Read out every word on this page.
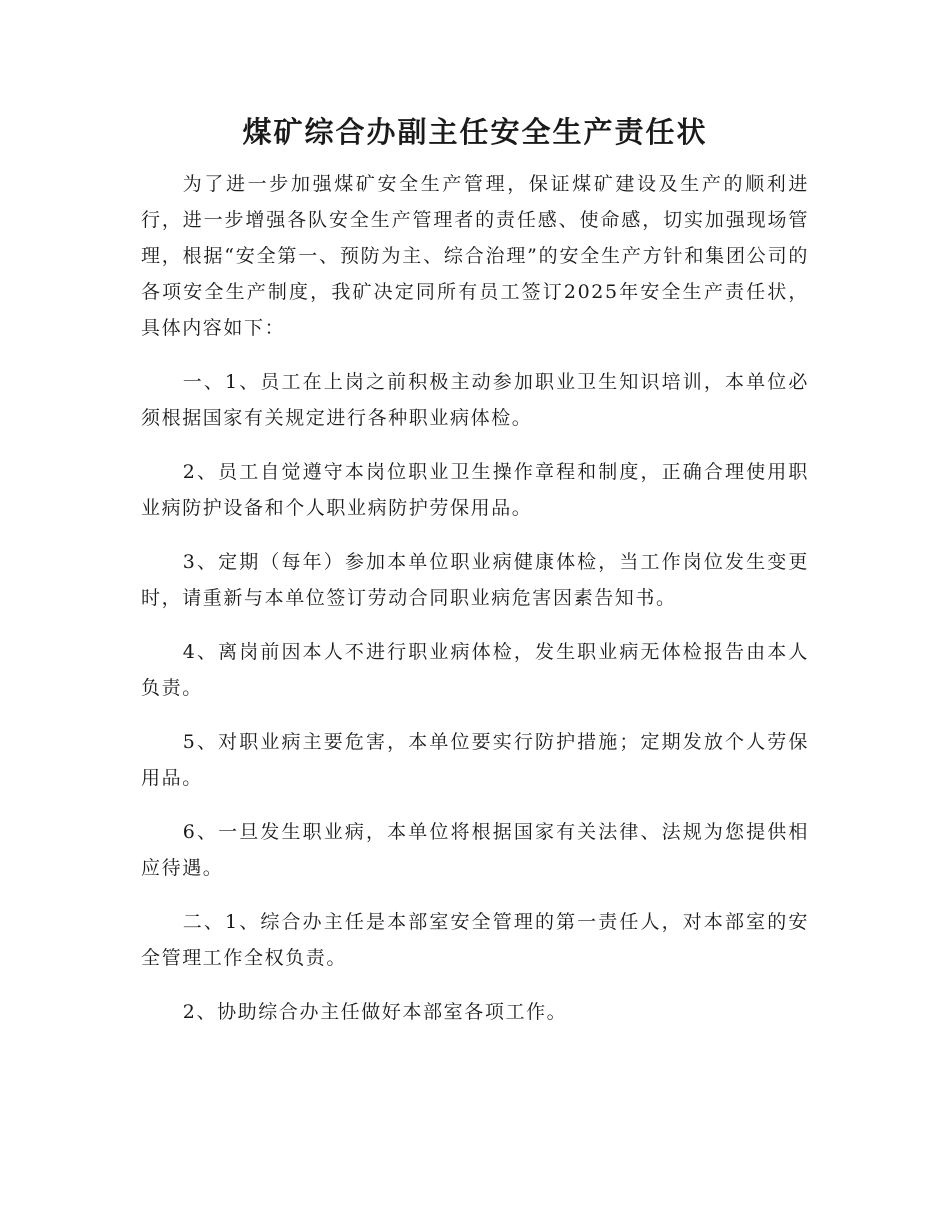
煤矿综合办副主任安全生产责任状

为了进一步加强煤矿安全生产管理，保证煤矿建设及生产的顺利进行，进一步增强各队安全生产管理者的责任感、使命感，切实加强现场管理，根据“安全第一、预防为主、综合治理”的安全生产方针和集团公司的各项安全生产制度，我矿决定同所有员工签订2025年安全生产责任状，具体内容如下：

一、1、员工在上岗之前积极主动参加职业卫生知识培训，本单位必须根据国家有关规定进行各种职业病体检。

2、员工自觉遵守本岗位职业卫生操作章程和制度，正确合理使用职业病防护设备和个人职业病防护劳保用品。

3、定期（每年）参加本单位职业病健康体检，当工作岗位发生变更时，请重新与本单位签订劳动合同职业病危害因素告知书。

4、离岗前因本人不进行职业病体检，发生职业病无体检报告由本人负责。

5、对职业病主要危害，本单位要实行防护措施；定期发放个人劳保用品。

6、一旦发生职业病，本单位将根据国家有关法律、法规为您提供相应待遇。

二、1、综合办主任是本部室安全管理的第一责任人，对本部室的安全管理工作全权负责。

2、协助综合办主任做好本部室各项工作。
